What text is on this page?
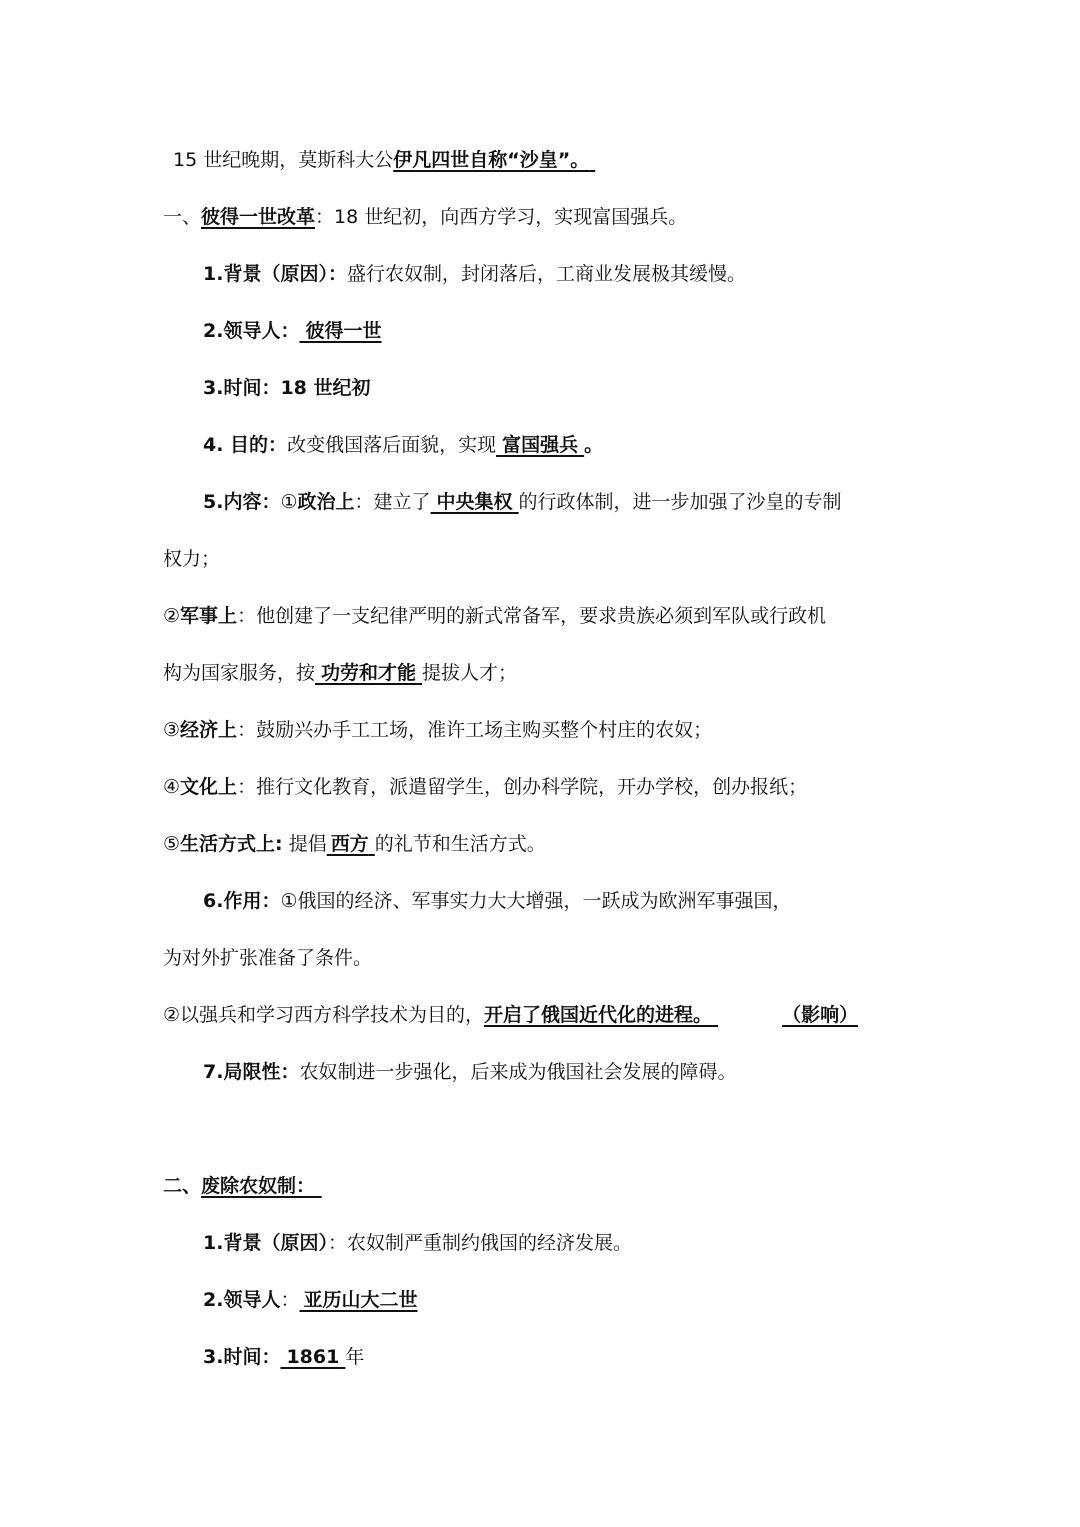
15 世纪晚期，莫斯科大公伊凡四世自称“沙皇”。
一、彼得一世改革：18 世纪初，向西方学习，实现富国强兵。
1.背景（原因）：盛行农奴制，封闭落后，工商业发展极其缓慢。
2.领导人： 彼得一世
3.时间：18 世纪初
4. 目的：改变俄国落后面貌，实现 富国强兵 。
5.内容：①政治上：建立了 中央集权 的行政体制，进一步加强了沙皇的专制
权力；
②军事上：他创建了一支纪律严明的新式常备军，要求贵族必须到军队或行政机
构为国家服务，按 功劳和才能 提拔人才；
③经济上：鼓励兴办手工工场，准许工场主购买整个村庄的农奴；
④文化上：推行文化教育，派遣留学生，创办科学院，开办学校，创办报纸；
⑤生活方式上: 提倡 西方 的礼节和生活方式。
6.作用：①俄国的经济、军事实力大大增强，一跃成为欧洲军事强国，
为对外扩张准备了条件。
②以强兵和学习西方科学技术为目的，开启了俄国近代化的进程。	（影响）
7.局限性：农奴制进一步强化，后来成为俄国社会发展的障碍。
二、废除农奴制：
1.背景（原因）：农奴制严重制约俄国的经济发展。
2.领导人： 亚历山大二世
3.时间： 1861 年
